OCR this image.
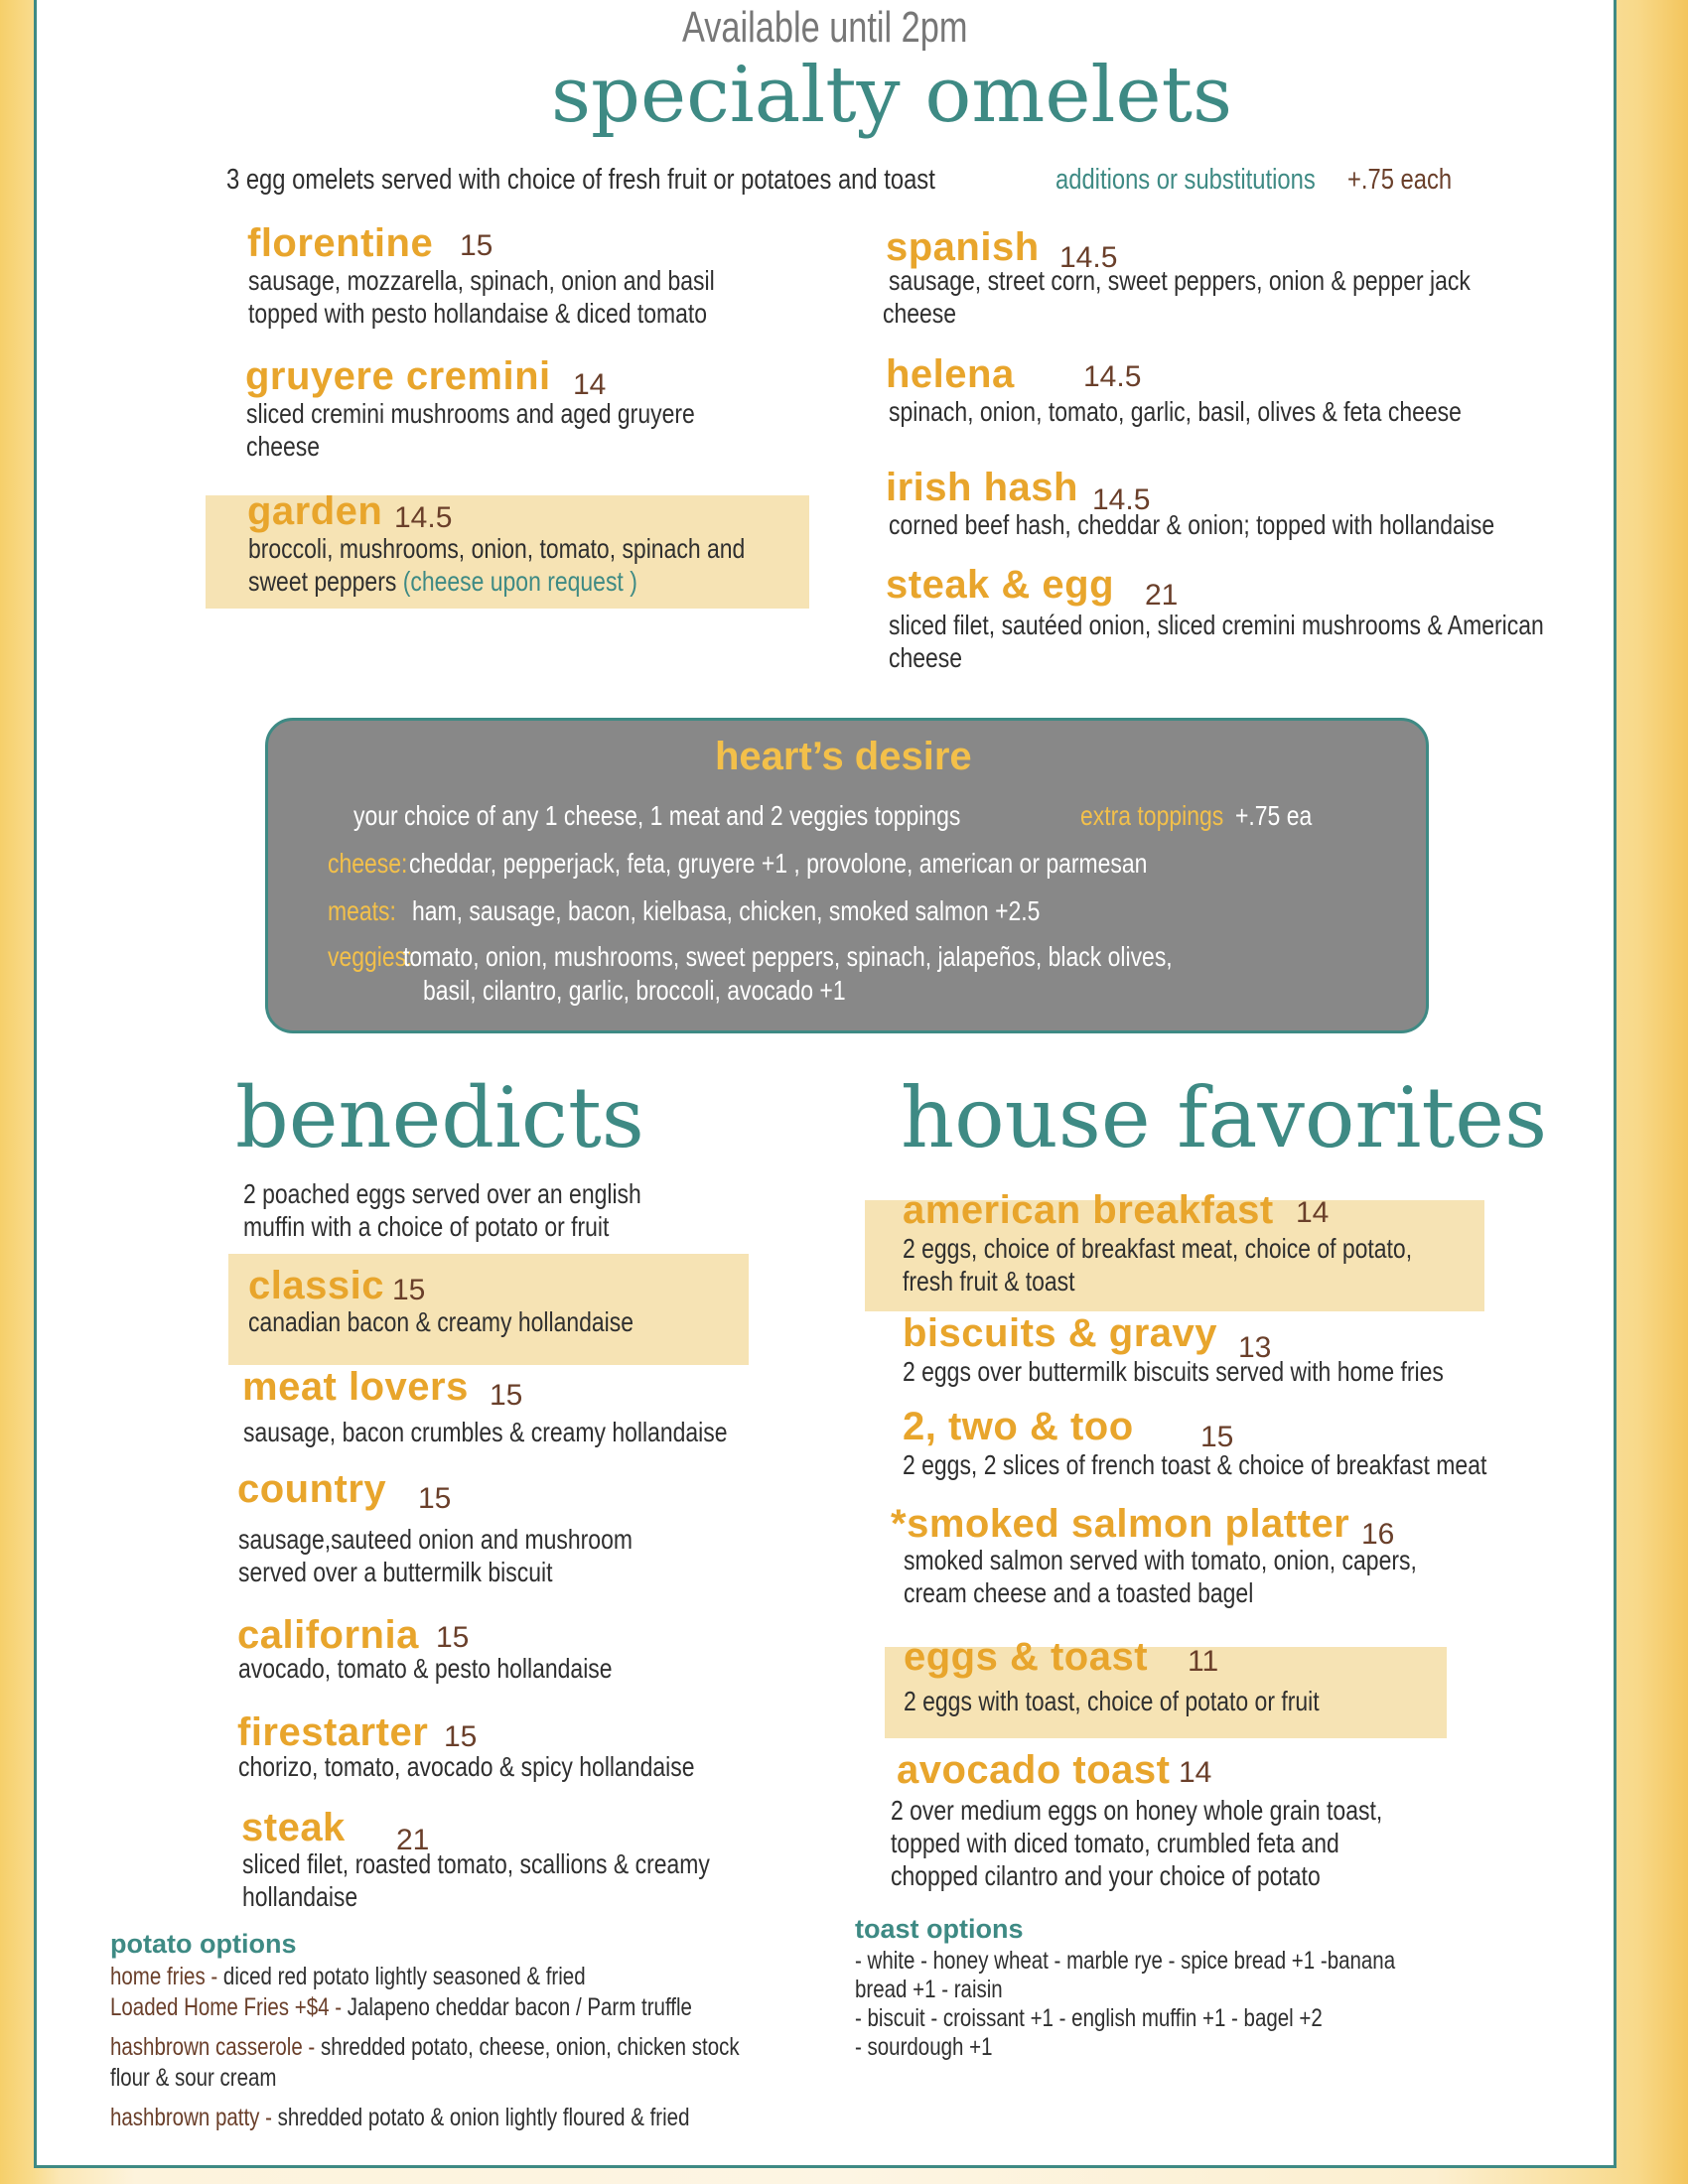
Available until 2pm
specialty omelets
3 egg omelets served with choice of fresh fruit or potatoes and toast	additions or substitutions +.75 each
florentine 15
sausage, mozzarella, spinach, onion and basil
topped with pesto hollandaise & diced tomato
gruyere cremini 14
sliced cremini mushrooms and aged gruyere
cheese
garden 14.5
broccoli, mushrooms, onion, tomato, spinach and
sweet peppers (cheese upon request )
spanish 14.5
sausage, street corn, sweet peppers, onion & pepper jack
cheese
helena 14.5
spinach, onion, tomato, garlic, basil, olives & feta cheese
irish hash 14.5
corned beef hash, cheddar & onion; topped with hollandaise
steak & egg 21
sliced filet, sautéed onion, sliced cremini mushrooms & American
cheese
heart’s desire
your choice of any 1 cheese, 1 meat and 2 veggies toppings	extra toppings +.75 ea
cheese: cheddar, pepperjack, feta, gruyere +1 , provolone, american or parmesan
meats: ham, sausage, bacon, kielbasa, chicken, smoked salmon +2.5
veggies:
tomato, onion, mushrooms, sweet peppers, spinach, jalapeños, black olives,
basil, cilantro, garlic, broccoli, avocado +1
benedicts
2 poached eggs served over an english
muffin with a choice of potato or fruit
classic 15
canadian bacon & creamy hollandaise
meat lovers 15
sausage, bacon crumbles & creamy hollandaise
country 15
sausage,sauteed onion and mushroom
served over a buttermilk biscuit
california 15
avocado, tomato & pesto hollandaise
firestarter 15
chorizo, tomato, avocado & spicy hollandaise
steak 21
sliced filet, roasted tomato, scallions & creamy
hollandaise
house favorites
american breakfast 14
2 eggs, choice of breakfast meat, choice of potato,
fresh fruit & toast
biscuits & gravy 13
2 eggs over buttermilk biscuits served with home fries
2, two & too 15
2 eggs, 2 slices of french toast & choice of breakfast meat
*smoked salmon platter 16
smoked salmon served with tomato, onion, capers,
cream cheese and a toasted bagel
eggs & toast 11
2 eggs with toast, choice of potato or fruit
avocado toast 14
2 over medium eggs on honey whole grain toast,
topped with diced tomato, crumbled feta and
chopped cilantro and your choice of potato
potato options
home fries - diced red potato lightly seasoned & fried
Loaded Home Fries +$4 - Jalapeno cheddar bacon / Parm truffle
hashbrown casserole - shredded potato, cheese, onion, chicken stock
flour & sour cream
hashbrown patty - shredded potato & onion lightly floured & fried
toast options
- white - honey wheat - marble rye - spice bread +1 -banana
bread +1 - raisin
- biscuit - croissant +1 - english muffin +1 - bagel +2
- sourdough +1
